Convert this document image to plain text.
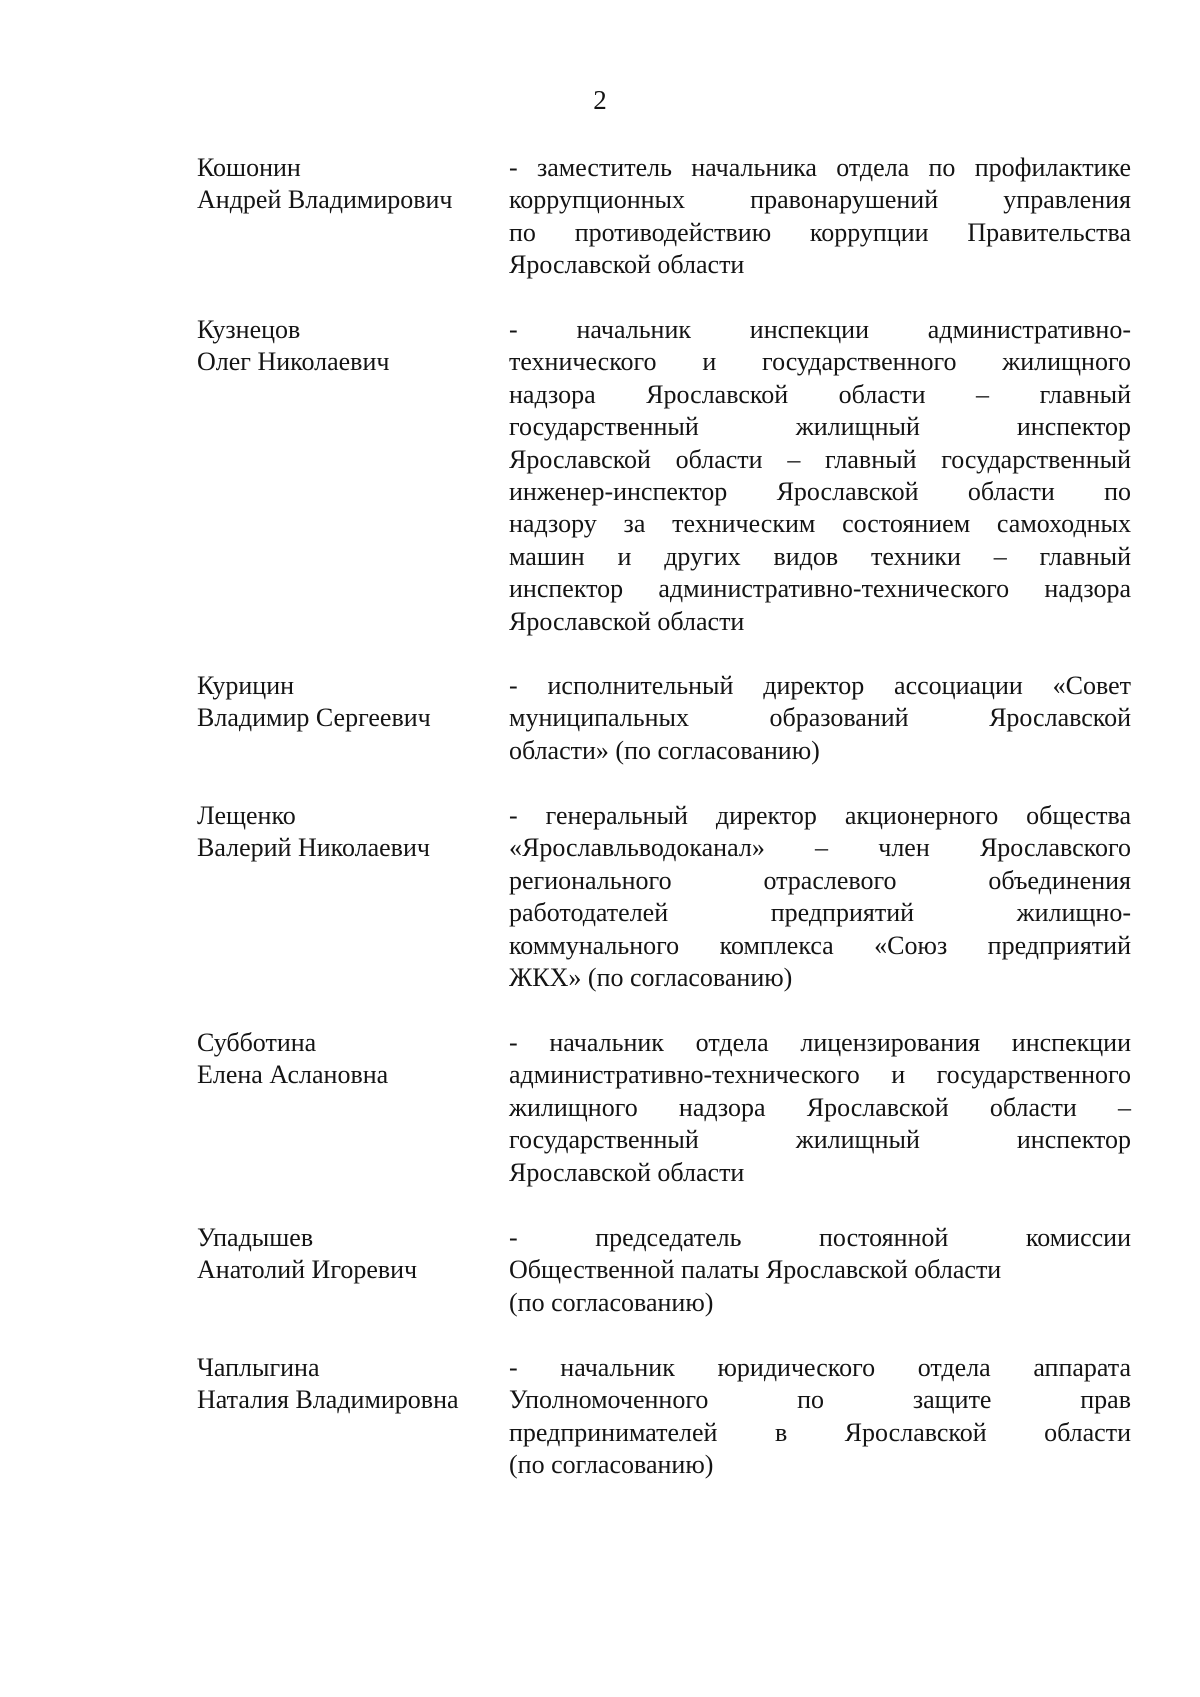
2
Кошонин
Андрей Владимирович
- заместитель начальника отдела по профилактике
коррупционных правонарушений управления
по противодействию коррупции Правительства
Ярославской области
Кузнецов
Олег Николаевич
- начальник инспекции административно-
технического и государственного жилищного
надзора Ярославской области – главный
государственный жилищный инспектор
Ярославской области – главный государственный
инженер-инспектор Ярославской области по
надзору за техническим состоянием самоходных
машин и других видов техники – главный
инспектор административно-технического надзора
Ярославской области
Курицин
Владимир Сергеевич
- исполнительный директор ассоциации «Совет
муниципальных образований Ярославской
области» (по согласованию)
Лещенко
Валерий Николаевич
- генеральный директор акционерного общества
«Ярославльводоканал» – член Ярославского
регионального отраслевого объединения
работодателей предприятий жилищно-
коммунального комплекса «Союз предприятий
ЖКХ» (по согласованию)
Субботина
Елена Аслановна
- начальник отдела лицензирования инспекции
административно-технического и государственного
жилищного надзора Ярославской области –
государственный жилищный инспектор
Ярославской области
Упадышев
Анатолий Игоревич
- председатель постоянной комиссии
Общественной палаты Ярославской области
(по согласованию)
Чаплыгина
Наталия Владимировна
- начальник юридического отдела аппарата
Уполномоченного по защите прав
предпринимателей в Ярославской области
(по согласованию)
